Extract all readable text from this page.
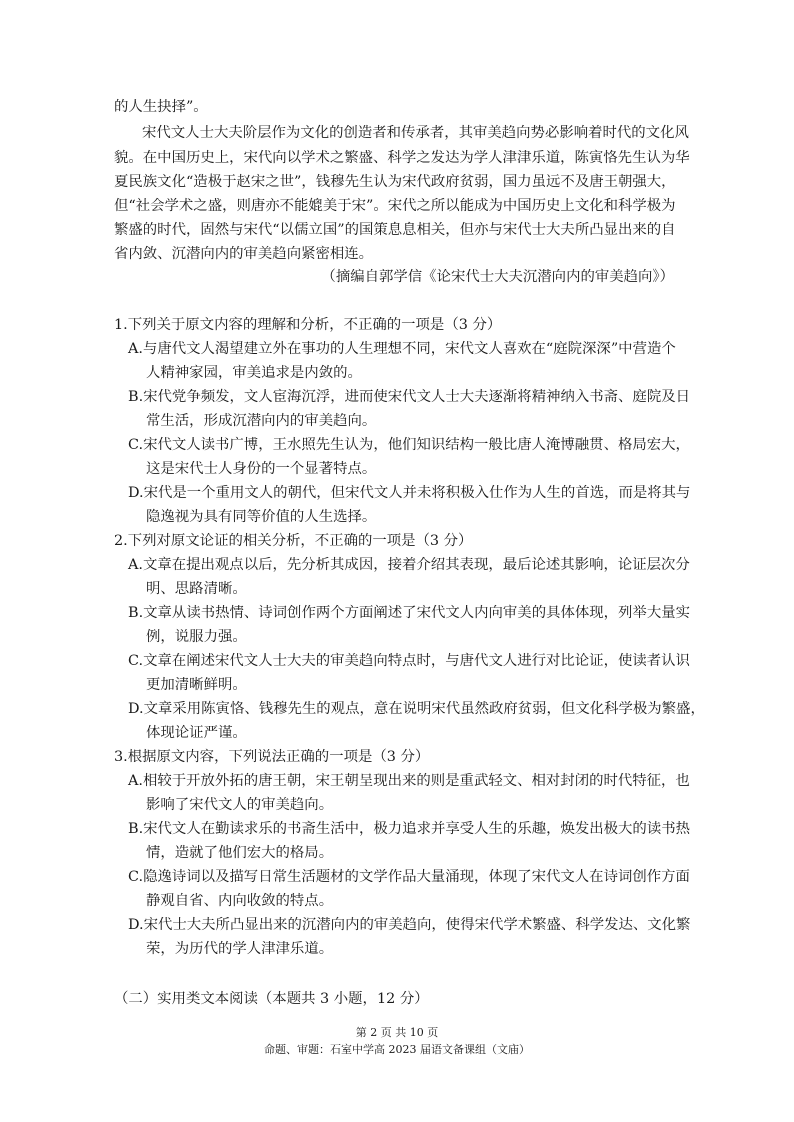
的人生抉择”。
宋代文人士大夫阶层作为文化的创造者和传承者，其审美趋向势必影响着时代的文化风
貌。在中国历史上，宋代向以学术之繁盛、科学之发达为学人津津乐道，陈寅恪先生认为华
夏民族文化“造极于赵宋之世”，钱穆先生认为宋代政府贫弱，国力虽远不及唐王朝强大，
但“社会学术之盛，则唐亦不能媲美于宋”。宋代之所以能成为中国历史上文化和科学极为
繁盛的时代，固然与宋代“以儒立国”的国策息息相关，但亦与宋代士大夫所凸显出来的自
省内敛、沉潜向内的审美趋向紧密相连。
（摘编自郭学信《论宋代士大夫沉潜向内的审美趋向》）
1.下列关于原文内容的理解和分析，不正确的一项是（3 分）
A.与唐代文人渴望建立外在事功的人生理想不同，宋代文人喜欢在“庭院深深”中营造个
人精神家园，审美追求是内敛的。
B.宋代党争频发，文人宦海沉浮，进而使宋代文人士大夫逐渐将精神纳入书斋、庭院及日
常生活，形成沉潜向内的审美趋向。
C.宋代文人读书广博，王水照先生认为，他们知识结构一般比唐人淹博融贯、格局宏大，
这是宋代士人身份的一个显著特点。
D.宋代是一个重用文人的朝代，但宋代文人并未将积极入仕作为人生的首选，而是将其与
隐逸视为具有同等价值的人生选择。
2.下列对原文论证的相关分析，不正确的一项是（3 分）
A.文章在提出观点以后，先分析其成因，接着介绍其表现，最后论述其影响，论证层次分
明、思路清晰。
B.文章从读书热情、诗词创作两个方面阐述了宋代文人内向审美的具体体现，列举大量实
例，说服力强。
C.文章在阐述宋代文人士大夫的审美趋向特点时，与唐代文人进行对比论证，使读者认识
更加清晰鲜明。
D.文章采用陈寅恪、钱穆先生的观点，意在说明宋代虽然政府贫弱，但文化科学极为繁盛，
体现论证严谨。
3.根据原文内容，下列说法正确的一项是（3 分）
A.相较于开放外拓的唐王朝，宋王朝呈现出来的则是重武轻文、相对封闭的时代特征，也
影响了宋代文人的审美趋向。
B.宋代文人在勤读求乐的书斋生活中，极力追求并享受人生的乐趣，焕发出极大的读书热
情，造就了他们宏大的格局。
C.隐逸诗词以及描写日常生活题材的文学作品大量涌现，体现了宋代文人在诗词创作方面
静观自省、内向收敛的特点。
D.宋代士大夫所凸显出来的沉潜向内的审美趋向，使得宋代学术繁盛、科学发达、文化繁
荣，为历代的学人津津乐道。
（二）实用类文本阅读（本题共 3 小题，12 分）
第 2 页 共 10 页
命题、审题：石室中学高 2023 届语文备课组（文庙）
